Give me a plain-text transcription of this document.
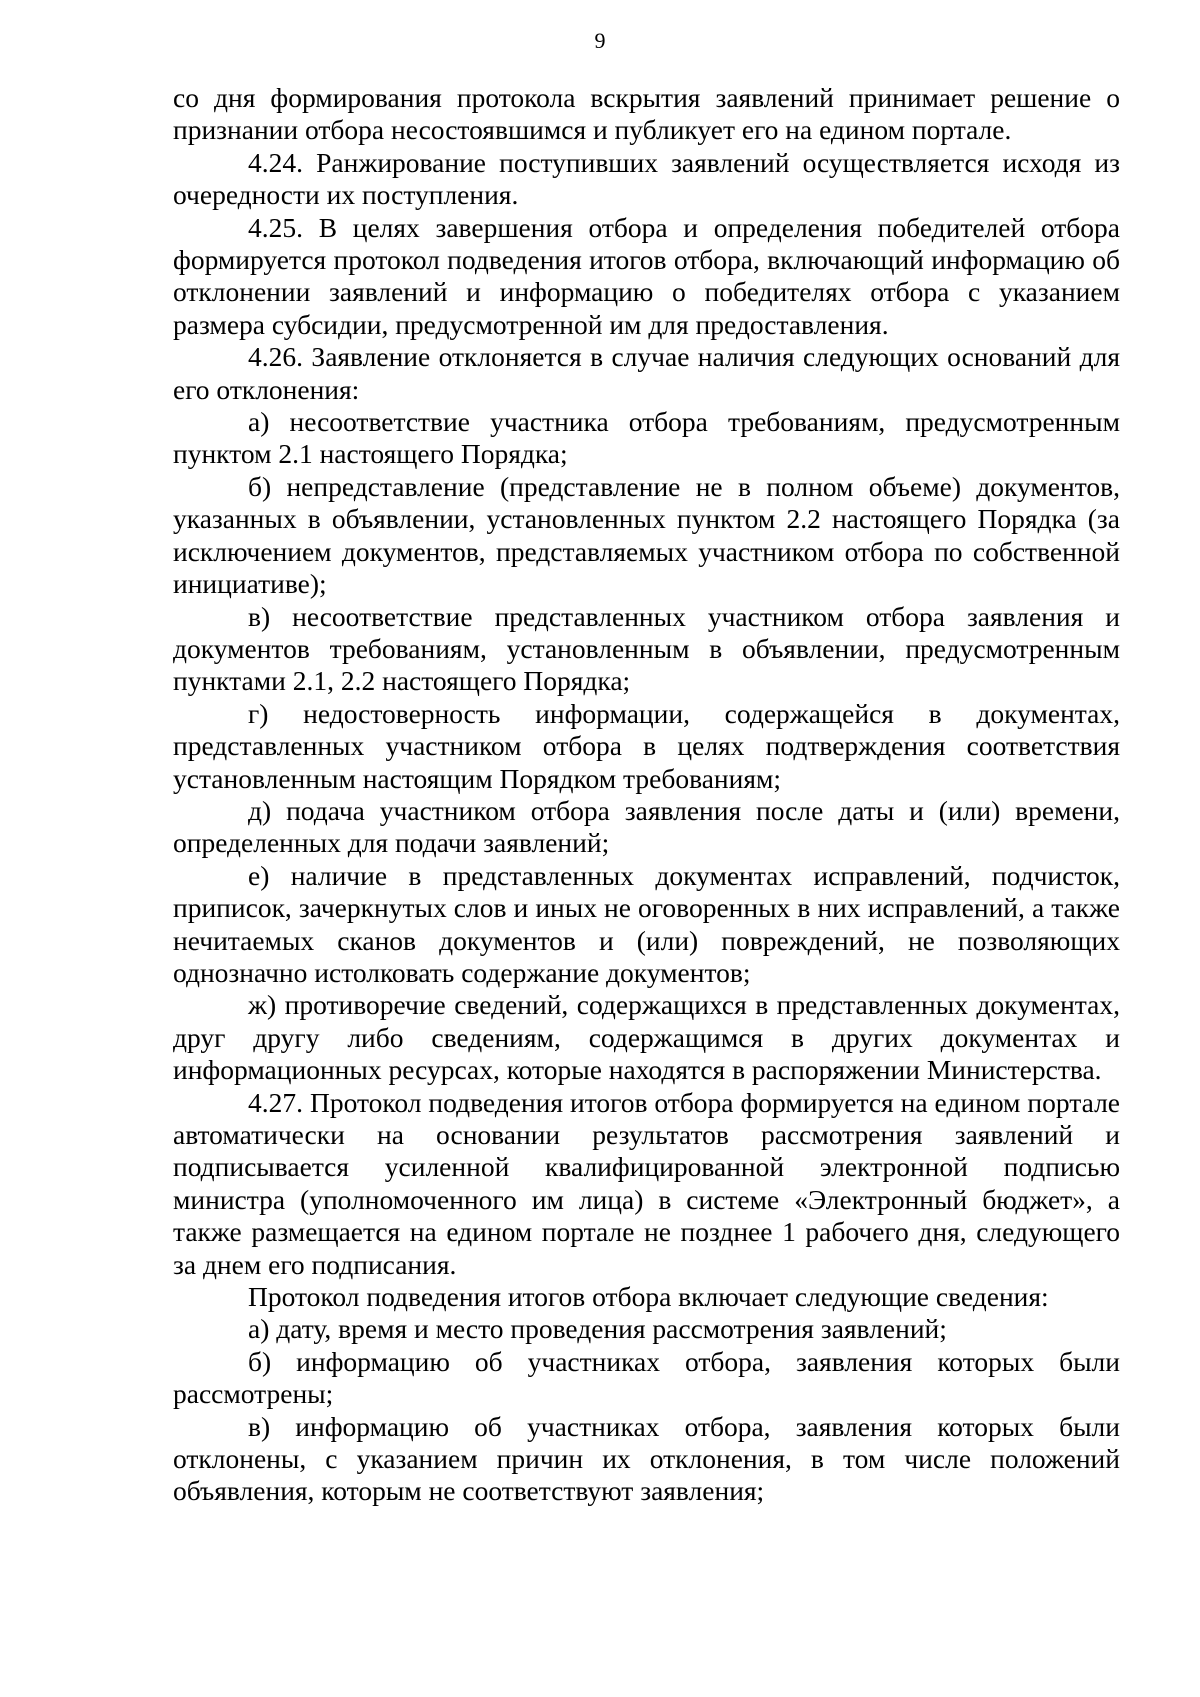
9

со дня формирования протокола вскрытия заявлений принимает решение о признании отбора несостоявшимся и публикует его на едином портале.

4.24. Ранжирование поступивших заявлений осуществляется исходя из очередности их поступления.

4.25. В целях завершения отбора и определения победителей отбора формируется протокол подведения итогов отбора, включающий информацию об отклонении заявлений и информацию о победителях отбора с указанием размера субсидии, предусмотренной им для предоставления.

4.26. Заявление отклоняется в случае наличия следующих оснований для его отклонения:

а) несоответствие участника отбора требованиям, предусмотренным пунктом 2.1 настоящего Порядка;

б) непредставление (представление не в полном объеме) документов, указанных в объявлении, установленных пунктом 2.2 настоящего Порядка (за исключением документов, представляемых участником отбора по собственной инициативе);

в) несоответствие представленных участником отбора заявления и документов требованиям, установленным в объявлении, предусмотренным пунктами 2.1, 2.2 настоящего Порядка;

г) недостоверность информации, содержащейся в документах, представленных участником отбора в целях подтверждения соответствия установленным настоящим Порядком требованиям;

д) подача участником отбора заявления после даты и (или) времени, определенных для подачи заявлений;

е) наличие в представленных документах исправлений, подчисток, приписок, зачеркнутых слов и иных не оговоренных в них исправлений, а также нечитаемых сканов документов и (или) повреждений, не позволяющих однозначно истолковать содержание документов;

ж) противоречие сведений, содержащихся в представленных документах, друг другу либо сведениям, содержащимся в других документах и информационных ресурсах, которые находятся в распоряжении Министерства.

4.27. Протокол подведения итогов отбора формируется на едином портале автоматически на основании результатов рассмотрения заявлений и подписывается усиленной квалифицированной электронной подписью министра (уполномоченного им лица) в системе «Электронный бюджет», а также размещается на едином портале не позднее 1 рабочего дня, следующего за днем его подписания.

Протокол подведения итогов отбора включает следующие сведения:

а) дату, время и место проведения рассмотрения заявлений;

б) информацию об участниках отбора, заявления которых были рассмотрены;

в) информацию об участниках отбора, заявления которых были отклонены, с указанием причин их отклонения, в том числе положений объявления, которым не соответствуют заявления;
